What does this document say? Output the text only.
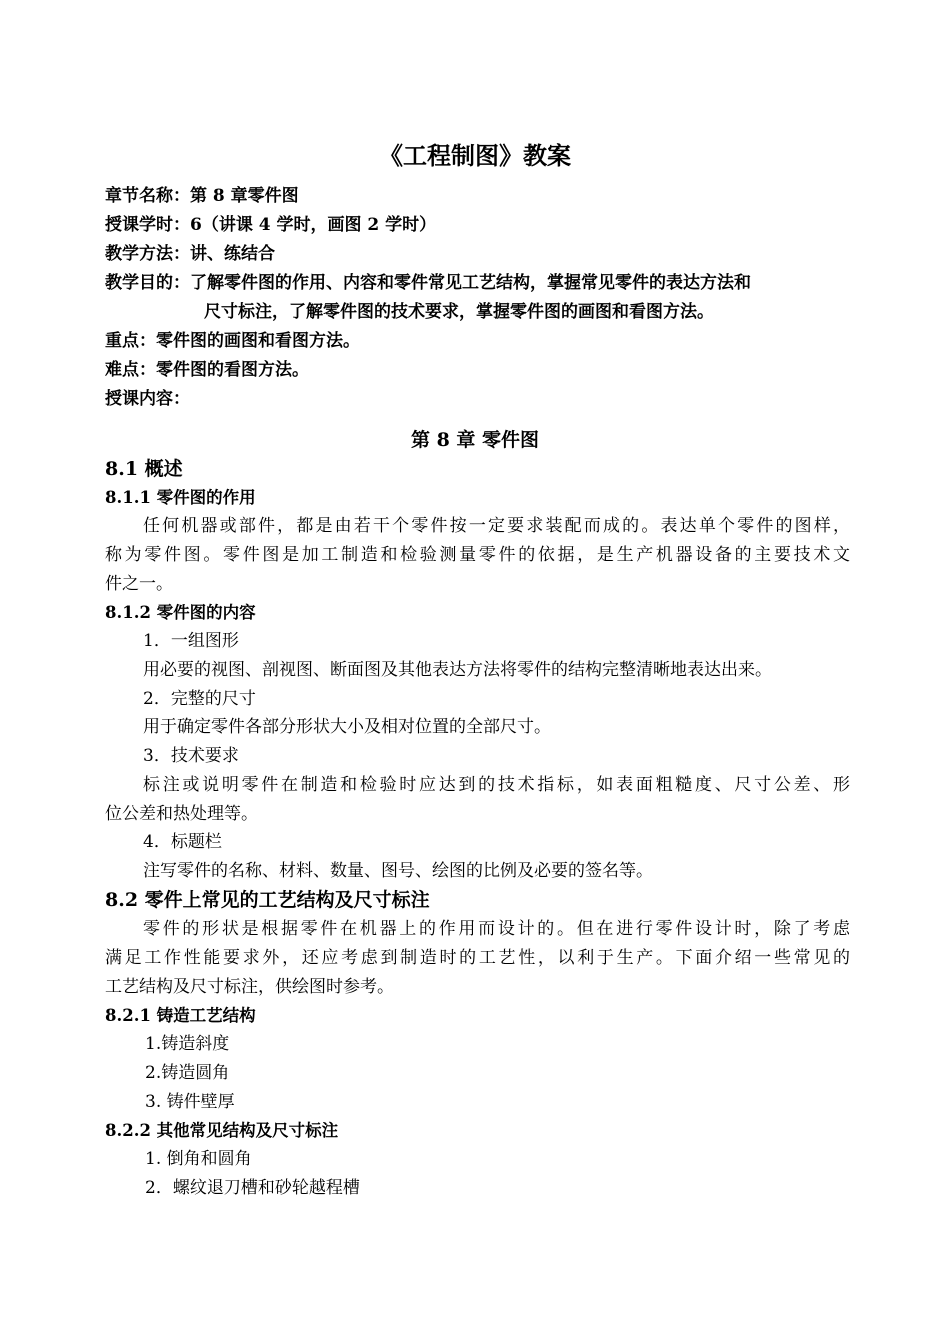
《工程制图》教案
章节名称：第 8 章零件图
授课学时：6（讲课 4 学时，画图 2 学时）
教学方法：讲、练结合
教学目的：了解零件图的作用、内容和零件常见工艺结构，掌握常见零件的表达方法和
尺寸标注，了解零件图的技术要求，掌握零件图的画图和看图方法。
重点：零件图的画图和看图方法。
难点：零件图的看图方法。
授课内容：
第 8 章 零件图
8.1 概述
8.1.1 零件图的作用
任何机器或部件，都是由若干个零件按一定要求装配而成的。表达单个零件的图样，
称为零件图。零件图是加工制造和检验测量零件的依据，是生产机器设备的主要技术文
件之一。
8.1.2 零件图的内容
1．一组图形
用必要的视图、剖视图、断面图及其他表达方法将零件的结构完整清晰地表达出来。
2．完整的尺寸
用于确定零件各部分形状大小及相对位置的全部尺寸。
3．技术要求
标注或说明零件在制造和检验时应达到的技术指标，如表面粗糙度、尺寸公差、形
位公差和热处理等。
4．标题栏
注写零件的名称、材料、数量、图号、绘图的比例及必要的签名等。
8.2 零件上常见的工艺结构及尺寸标注
零件的形状是根据零件在机器上的作用而设计的。但在进行零件设计时，除了考虑
满足工作性能要求外，还应考虑到制造时的工艺性，以利于生产。下面介绍一些常见的
工艺结构及尺寸标注，供绘图时参考。
8.2.1 铸造工艺结构
1.铸造斜度
2.铸造圆角
3. 铸件壁厚
8.2.2 其他常见结构及尺寸标注
1. 倒角和圆角
2．螺纹退刀槽和砂轮越程槽
